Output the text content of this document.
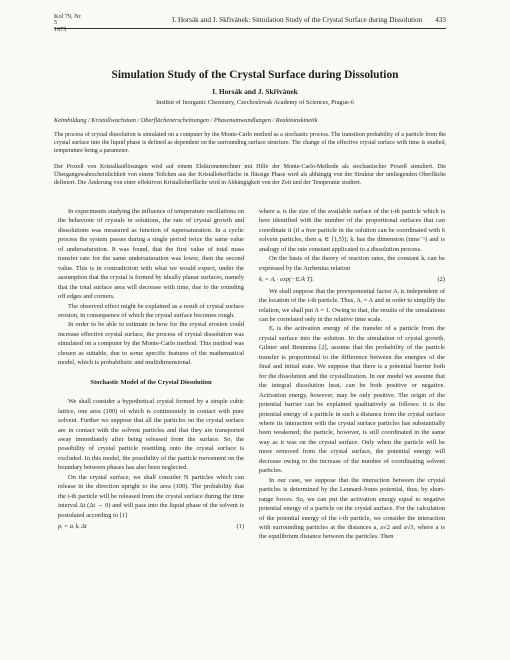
Kol 79, Nr. 5
1975
I. Horsák and J. Skřivánek: Simulation Study of the Crystal Surface during Dissolution 433
Simulation Study of the Crystal Surface during Dissolution
I. Horsák and J. Skřivánek
Institut of Inorganic Chemistry, Czechoslovak Academy of Sciences, Prague-6
Keimbildung / Kristallwachstum / Oberflächenerscheinungen / Phasenumwandlungen / Reaktionskinetik
The process of crystal dissolution is simulated on a computer by the Monte-Carlo method as a stochastic process. The transition probability of a particle from the crystal surface into the liquid phase is defined as dependent on the surrounding surface structure. The change of the effective crystal surface with time is studied, temperature being a parameter.
Der Prozeß von Kristallauflösungen wird auf einem Elektronenrechner mit Hilfe der Monte-Carlo-Methode als stochastischer Prozeß simuliert. Die Übergangswahrscheinlichkeit von einem Teilchen aus der Kristalloberfläche in flüssige Phase wird als abhängig von der Struktur der umliegenden Oberfläche definiert. Die Änderung von einer effektiven Kristalloberfläche wird in Abhängigkeit von der Zeit und der Temperatur studiert.

In experiments studying the influence of temperature oscillations on the behaviour of crystals in solutions, the rate of crystal growth and dissolutions was measured as function of supersaturation. In a cyclic process the system passes during a single period twice the same value of undersaturation. It was found, that the first value of total mass transfer rate for the same undersaturation was lower, then the second value. This is in contradiction with what we would expect, under the assumption that the crystal is formed by ideally planar surfaces, namely that the total surface area will decrease with time, due to the rounding off edges and corners.

The observed effect might be explained as a result of crystal surface erosion, in consequence of which the crystal surface becomes rough.

In order to be able to estimate in how for the crystal erosion could increase effective crystal surface, the process of crystal dissolution was simulated on a computer by the Monte-Carlo method. This method was chosen as suitable, due to some specific features of the mathematical model, which is probabilistic and multidimensional.

Stochastic Model of the Crystal Dissolution

We shall consider a hypothetical crystal formed by a simple cubic lattice, one area (100) of which is continuously in contact with pure solvent. Further we suppose that all the particles on the crystal surface are in contact with the solvent particles and that they are transported away immediately after being released from the surface. So, the possibility of crystal particle resettling onto the crystal surface is excluded. In this model, the possibility of the particle movement on the boundary between phases has also been neglected.

On the crystal surface, we shall consider N particles which can release in the direction upright to the area (100). The probability that the i-th particle will be released from the crystal surface during the time interval Δt (Δt → 0) and will pass into the liquid phase of the solvent is postulated according to [1]

pᵢ = aᵢ kᵢ Δt	(1)

where aᵢ is the size of the available surface of the i-th particle which is here identified with the number of the proportional surfaces that can coordinate it (if a free particle in the solution can be coordinated with 6 solvent particles, then aᵢ ∈ ⟨1,5⟩); kᵢ has the dimension (time⁻¹) and is analogy of the rate constant applicated to a dissolution process.

On the basis of the theory of reaction rates, the constant kᵢ can be expressed by the Arrhenius relation

kᵢ = Aᵢ · exp(−Eᵢ/k T).	(2)

We shall suppose that the preexponential factor Aᵢ is independent of the location of the i-th particle. Thus, Aᵢ = A and in order to simplify the relation, we shall put A = 1. Owing to that, the results of the simulations can be correlated only in the relative time scale.

Eᵢ is the activation energy of the transfer of a particle from the crystal surface into the solution. In the simulation of crystal growth, Gilmer and Bennema [2], assume that the probability of the particle transfer is proportional to the difference between the energies of the final and initial state. We suppose that there is a potential barrier both for the dissolution and the crystallization. In our model we assume that the integral dissolution heat, can be both positive or negative. Activation energy, however, may be only positive. The origin of the potential barrier can be explained qualitatively as follows: it is the potential energy of a particle in such a distance from the crystal surface where its interaction with the crystal surface particles has substantially been weakened; the particle, however, is still coordinated in the same way as it was on the crystal surface. Only when the particle will be more removed from the crystal surface, the potential energy will decrease owing to the increase of the number of coordinating solvent particles.

In our case, we suppose that the interaction between the crystal particles is determined by the Lennard-Jones potential, thus, by short-range forces. So, we can put the activation energy equal to negative potential energy of a particle on the crystal surface. For the calculation of the potential energy of the i-th particle, we consider the interaction with surrounding particles at the distances a, a√2 and a√3, where a is the equilibrium distance between the particles. Then
